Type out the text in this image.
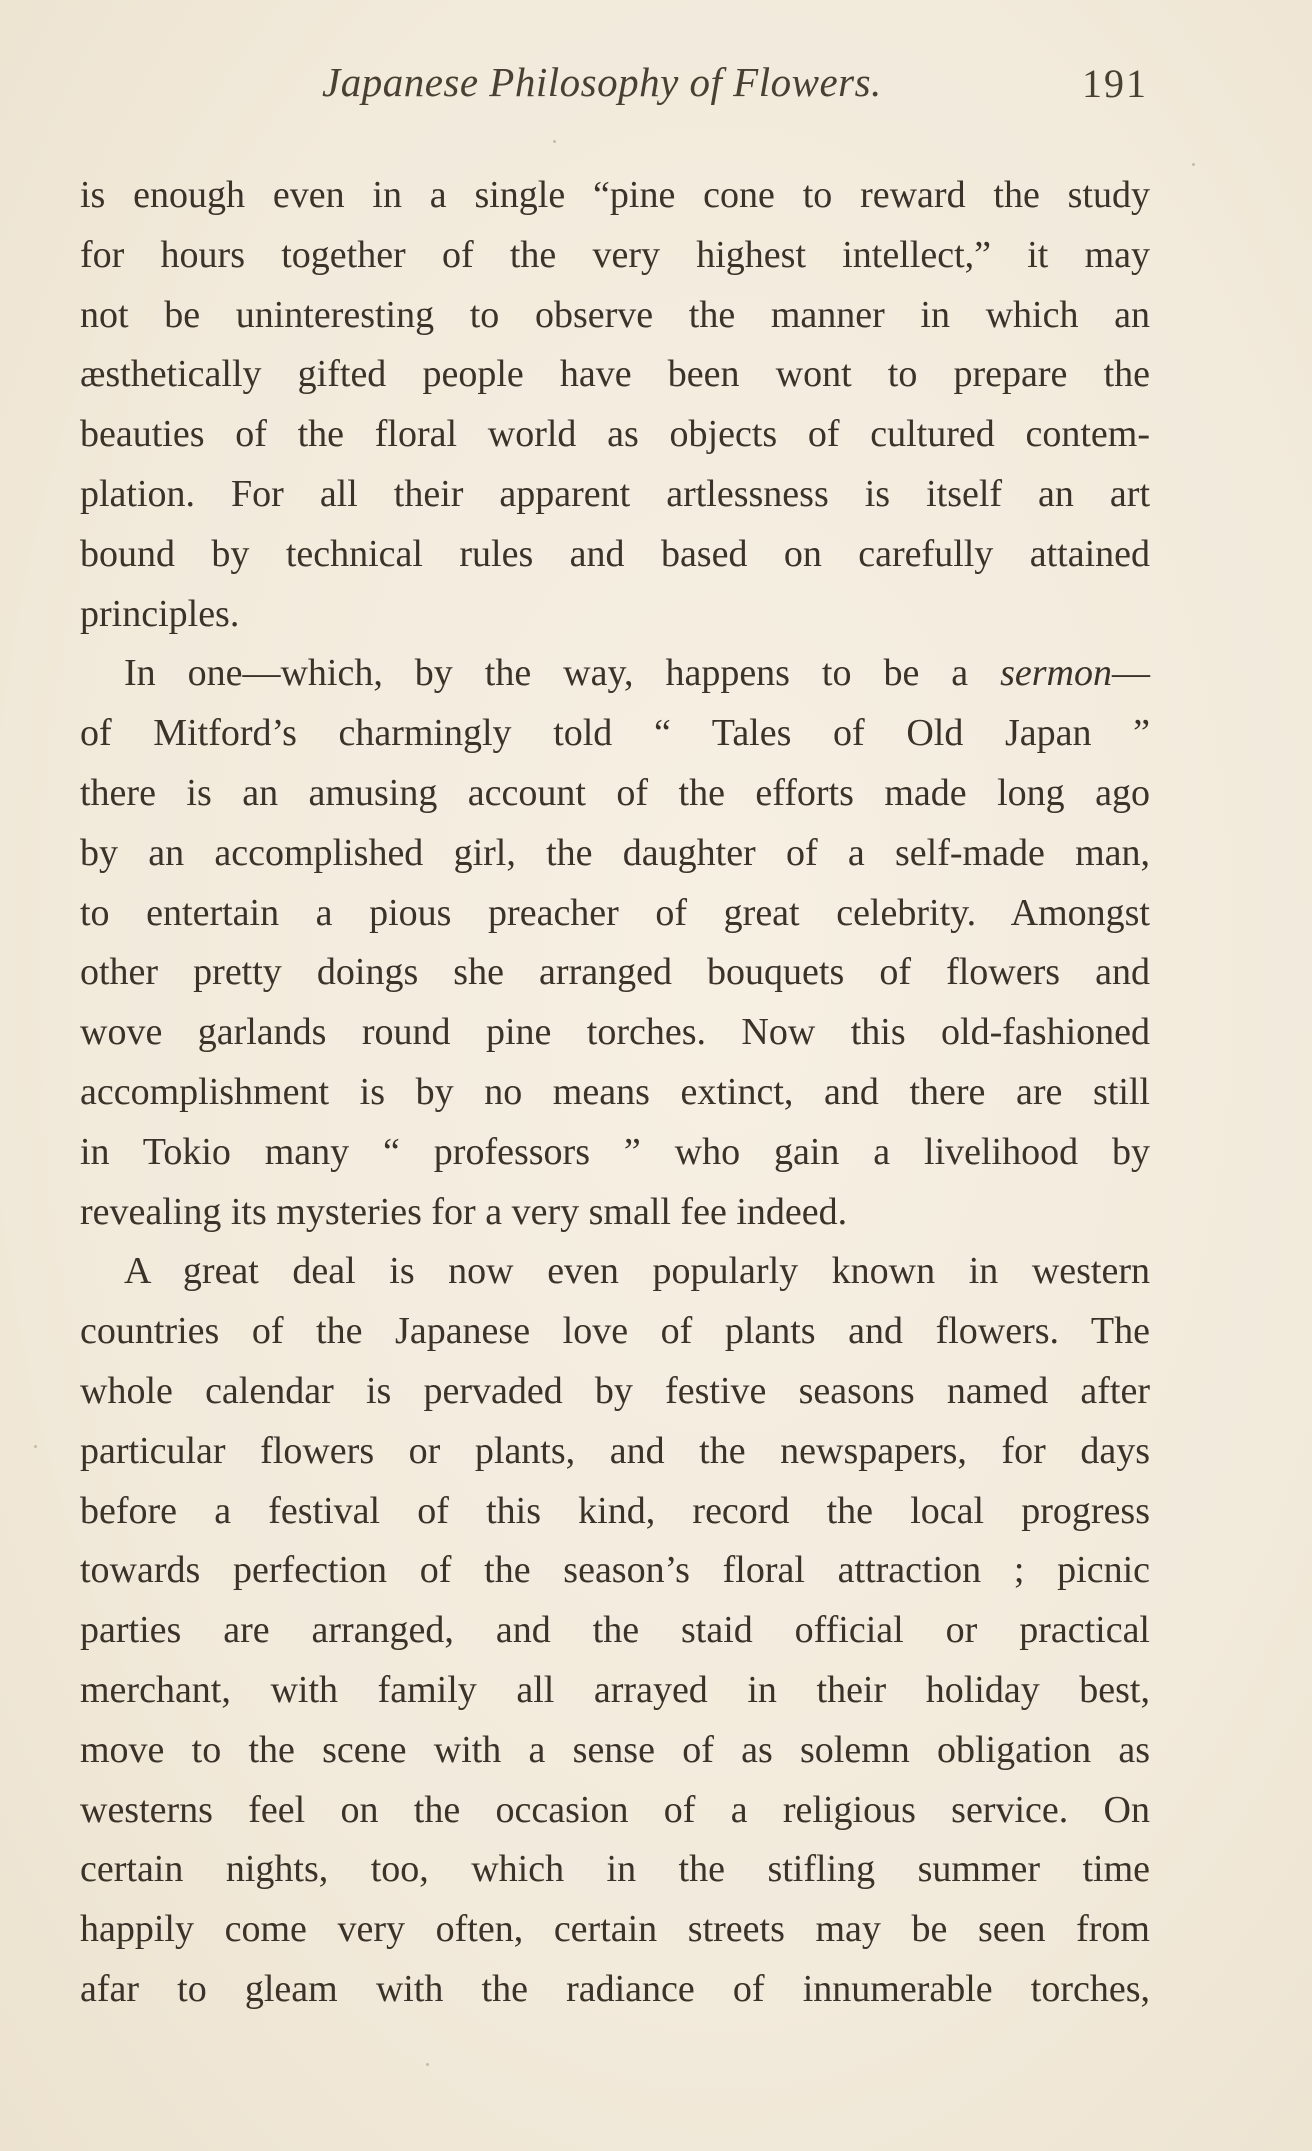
Japanese Philosophy of Flowers.	191
is enough even in a single “pine cone to reward the study
for hours together of the very highest intellect,” it may
not be uninteresting to observe the manner in which an
æsthetically gifted people have been wont to prepare the
beauties of the floral world as objects of cultured contem-
plation. For all their apparent artlessness is itself an art
bound by technical rules and based on carefully attained
principles.
In one—which, by the way, happens to be a sermon—
of Mitford’s charmingly told “ Tales of Old Japan ”
there is an amusing account of the efforts made long ago
by an accomplished girl, the daughter of a self-made man,
to entertain a pious preacher of great celebrity. Amongst
other pretty doings she arranged bouquets of flowers and
wove garlands round pine torches. Now this old-fashioned
accomplishment is by no means extinct, and there are still
in Tokio many “ professors ” who gain a livelihood by
revealing its mysteries for a very small fee indeed.
A great deal is now even popularly known in western
countries of the Japanese love of plants and flowers. The
whole calendar is pervaded by festive seasons named after
particular flowers or plants, and the newspapers, for days
before a festival of this kind, record the local progress
towards perfection of the season’s floral attraction ; picnic
parties are arranged, and the staid official or practical
merchant, with family all arrayed in their holiday best,
move to the scene with a sense of as solemn obligation as
westerns feel on the occasion of a religious service. On
certain nights, too, which in the stifling summer time
happily come very often, certain streets may be seen from
afar to gleam with the radiance of innumerable torches,
